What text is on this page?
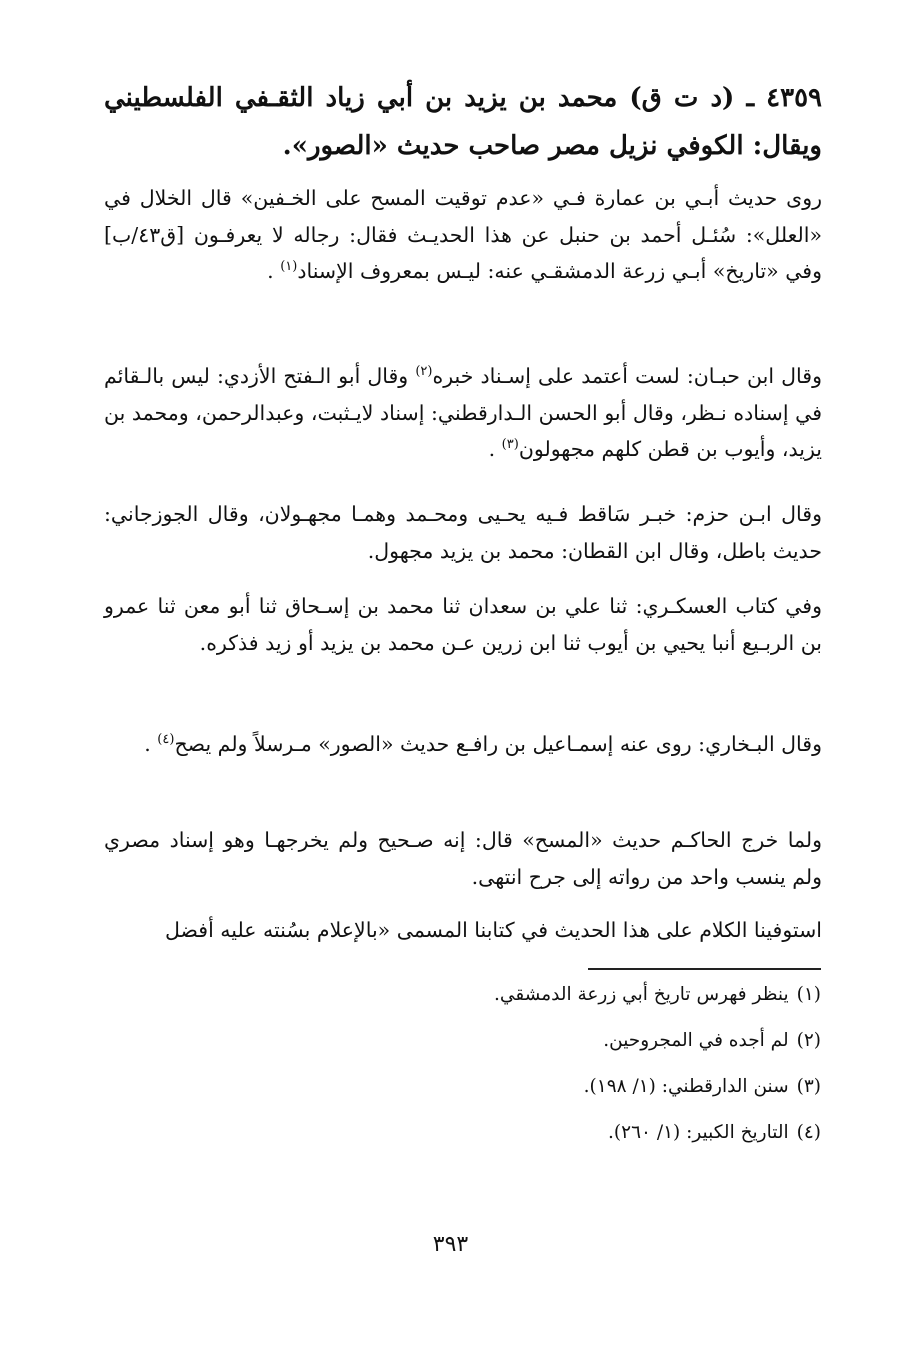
٤٣٥٩ ـ (د ت ق) محمد بن يزيد بن أبي زياد الثقـفي الفلسطيني ويقال: الكوفي نزيل مصر صاحب حديث «الصور».
روى حديث أبـي بن عمارة فـي «عدم توقيت المسح على الخـفين» قال الخلال في «العلل»: سُئـل أحمد بن حنبل عن هذا الحديـث فقال: رجاله لا يعرفـون [ق٤٣/ب] وفي «تاريخ» أبـي زرعة الدمشقـي عنه: ليـس بمعروف الإسناد$^{(١)}$ .
وقال ابن حبـان: لست أعتمد على إسـناد خبره$^{(٢)}$ وقال أبو الـفتح الأزدي: ليس بالـقائم في إسناده نـظر، وقال أبو الحسن الـدارقطني: إسناد لايـثبت، وعبدالرحمن، ومحمد بن يزيد، وأيوب بن قطن كلهم مجهولون$^{(٣)}$ .
وقال ابـن حزم: خبـر سَاقط فـيه يحـيى ومحـمد وهمـا مجهـولان، وقال الجوزجاني: حديث باطل، وقال ابن القطان: محمد بن يزيد مجهول.
وفي كتاب العسكـري: ثنا علي بن سعدان ثنا محمد بن إسـحاق ثنا أبو معن ثنا عمرو بن الربـيع أنبا يحيي بن أيوب ثنا ابن زرين عـن محمد بن يزيد أو زيد فذكره.
وقال البـخاري: روى عنه إسمـاعيل بن رافـع حديث «الصور» مـرسلاً ولم يصح$^{(٤)}$ .
ولما خرج الحاكـم حديث «المسح» قال: إنه صـحيح ولم يخرجهـا وهو إسناد مصري ولم ينسب واحد من رواته إلى جرح انتهى.
استوفينا الكلام على هذا الحديث في كتابنا المسمى «بالإعلام بسُنته عليه أفضل
(١)ينظر فهرس تاريخ أبي زرعة الدمشقي.
(٢)لم أجده في المجروحين.
(٣)سنن الدارقطني: (١/ ١٩٨).
(٤)التاريخ الكبير: (١/ ٢٦٠).
٣٩٣
